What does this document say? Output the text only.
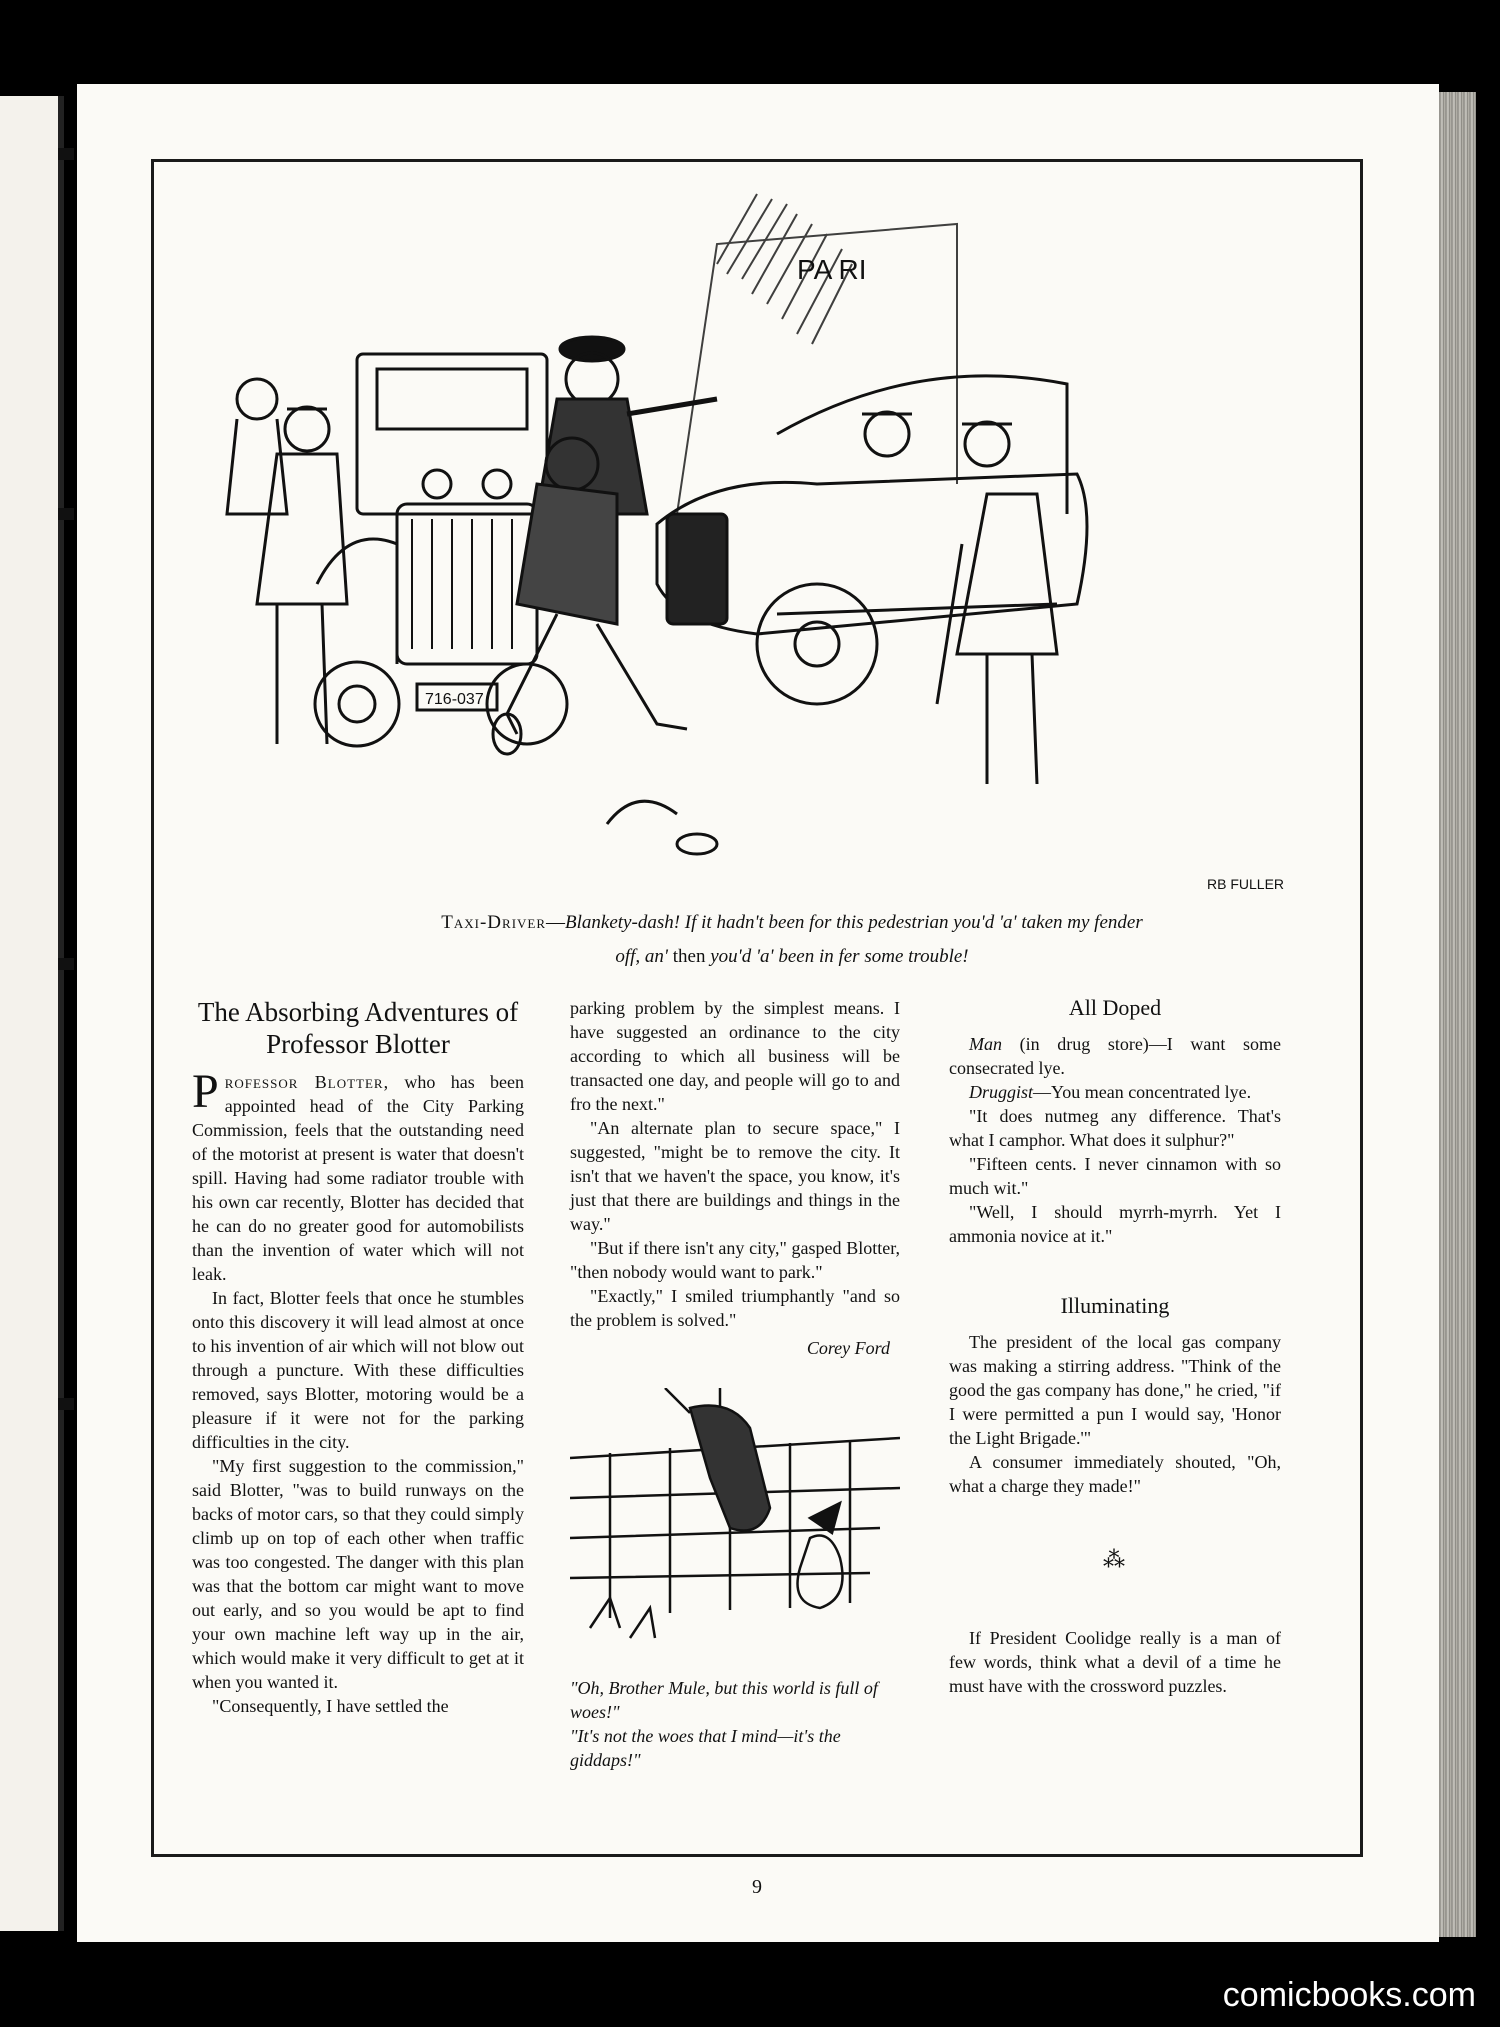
PA RI
716-037
RB FULLER
Taxi-Driver—Blankety-dash! If it hadn't been for this pedestrian you'd 'a' taken my fender
off, an' then you'd 'a' been in fer some trouble!
The Absorbing Adventures of Professor Blotter

Professor Blotter, who has been appointed head of the City Parking Commission, feels that the outstanding need of the motorist at present is water that doesn't spill. Having had some radiator trouble with his own car recently, Blotter has decided that he can do no greater good for automobilists than the invention of water which will not leak.

In fact, Blotter feels that once he stumbles onto this discovery it will lead almost at once to his invention of air which will not blow out through a puncture. With these difficulties removed, says Blotter, motoring would be a pleasure if it were not for the parking difficulties in the city.

"My first suggestion to the commission," said Blotter, "was to build runways on the backs of motor cars, so that they could simply climb up on top of each other when traffic was too congested. The danger with this plan was that the bottom car might want to move out early, and so you would be apt to find your own machine left way up in the air, which would make it very difficult to get at it when you wanted it.

"Consequently, I have settled the

parking problem by the simplest means. I have suggested an ordinance to the city according to which all business will be transacted one day, and people will go to and fro the next."

"An alternate plan to secure space," I suggested, "might be to remove the city. It isn't that we haven't the space, you know, it's just that there are buildings and things in the way."

"But if there isn't any city," gasped Blotter, "then nobody would want to park."

"Exactly," I smiled triumphantly "and so the problem is solved."

Corey Ford

"Oh, Brother Mule, but this world is full of woes!"

"It's not the woes that I mind—it's the giddaps!"

All Doped

Man (in drug store)—I want some consecrated lye.

Druggist—You mean concentrated lye.

"It does nutmeg any difference. That's what I camphor. What does it sulphur?"

"Fifteen cents. I never cinnamon with so much wit."

"Well, I should myrrh-myrrh. Yet I ammonia novice at it."

Illuminating

The president of the local gas company was making a stirring address. "Think of the good the gas company has done," he cried, "if I were permitted a pun I would say, 'Honor the Light Brigade.'"

A consumer immediately shouted, "Oh, what a charge they made!"

⁂

If President Coolidge really is a man of few words, think what a devil of a time he must have with the crossword puzzles.

9
comicbooks.com
